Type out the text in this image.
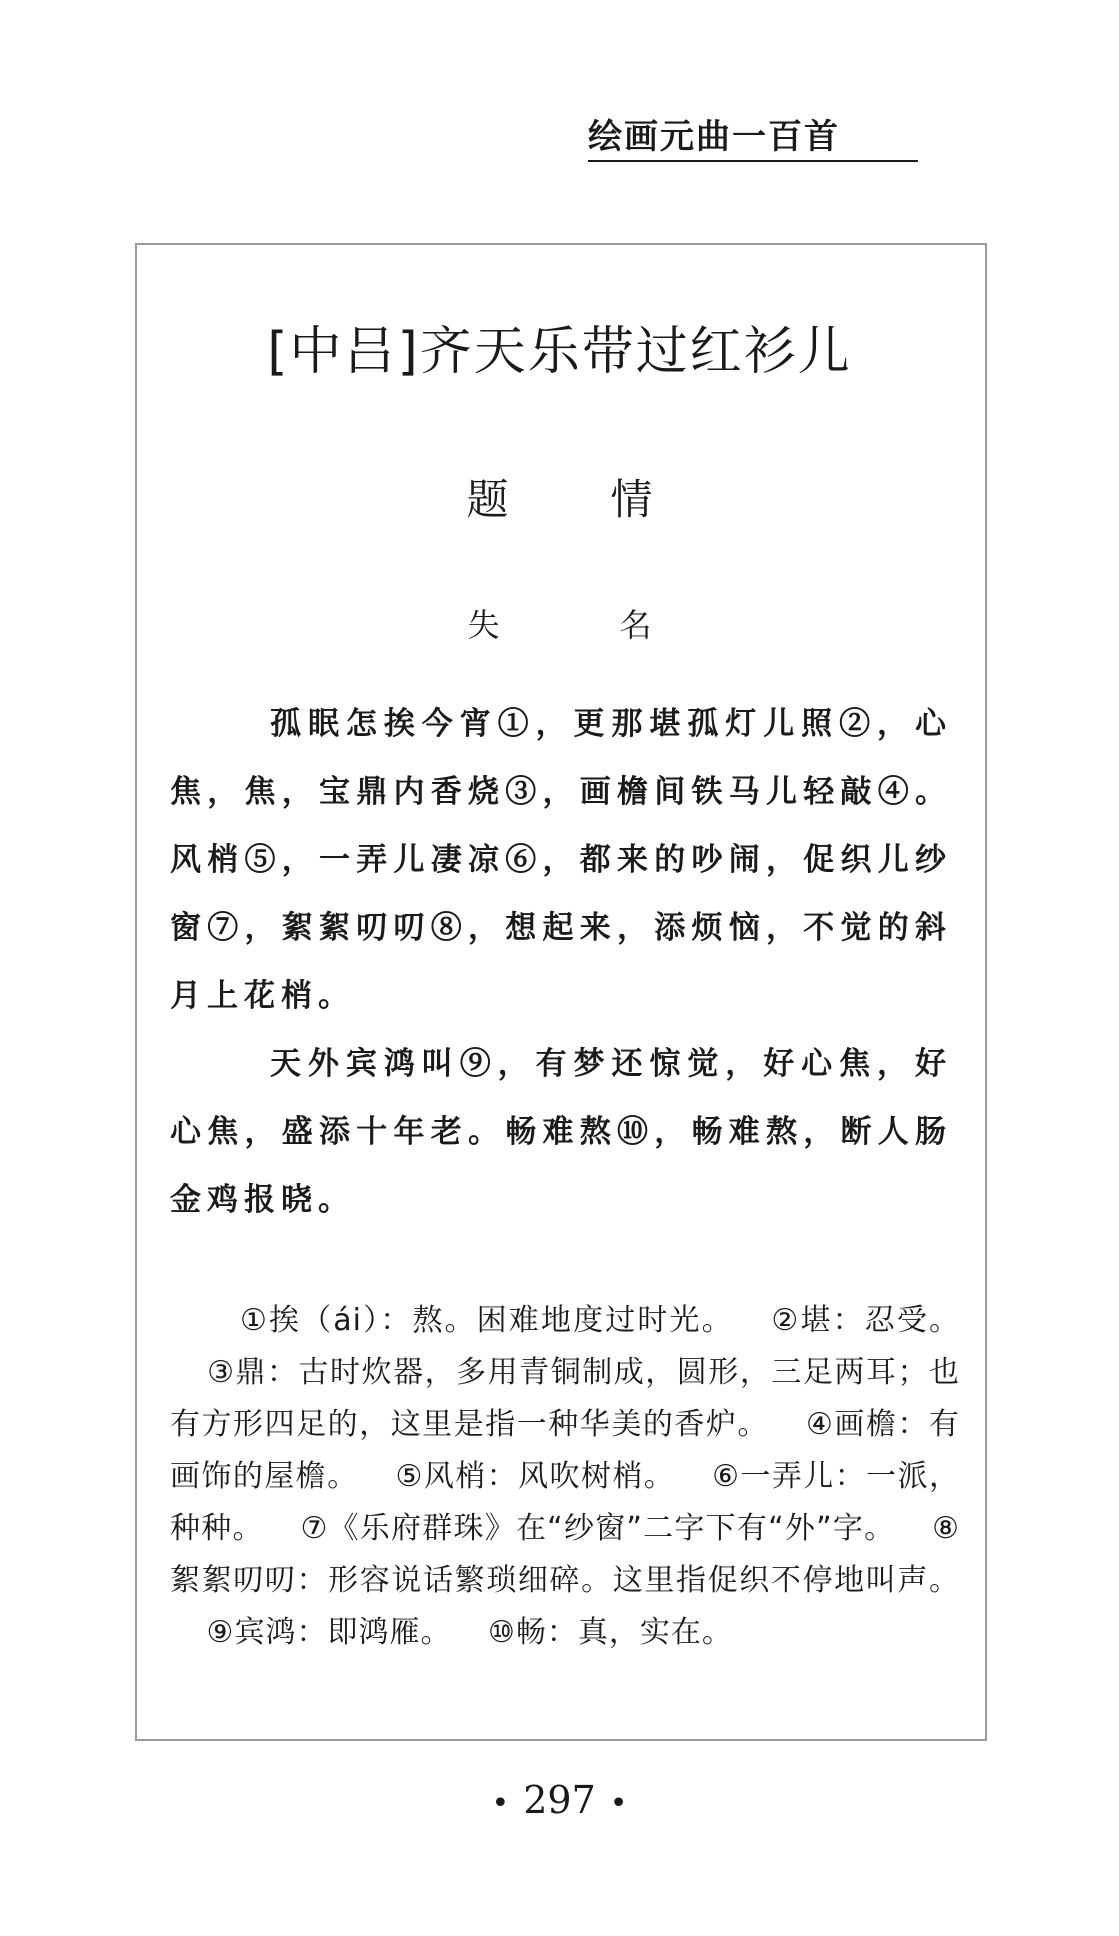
绘画元曲一百首
[中吕]齐天乐带过红衫儿
题　情
失　名

孤眠怎挨今宵①，更那堪孤灯儿照②，心焦，焦，宝鼎内香烧③，画檐间铁马儿轻敲④。风梢⑤，一弄儿凄凉⑥，都来的吵闹，促织儿纱窗⑦，絮絮叨叨⑧，想起来，添烦恼，不觉的斜月上花梢。

天外宾鸿叫⑨，有梦还惊觉，好心焦，好心焦，盛添十年老。畅难熬⑩，畅难熬，断人肠金鸡报晓。

①挨（ái）：熬。困难地度过时光。 ②堪：忍受。 ③鼎：古时炊器，多用青铜制成，圆形，三足两耳；也有方形四足的，这里是指一种华美的香炉。 ④画檐：有画饰的屋檐。 ⑤风梢：风吹树梢。 ⑥一弄儿：一派，种种。 ⑦《乐府群珠》在“纱窗”二字下有“外”字。 ⑧絮絮叨叨：形容说话繁琐细碎。这里指促织不停地叫声。 ⑨宾鸿：即鸿雁。 ⑩畅：真，实在。

• 297 •
